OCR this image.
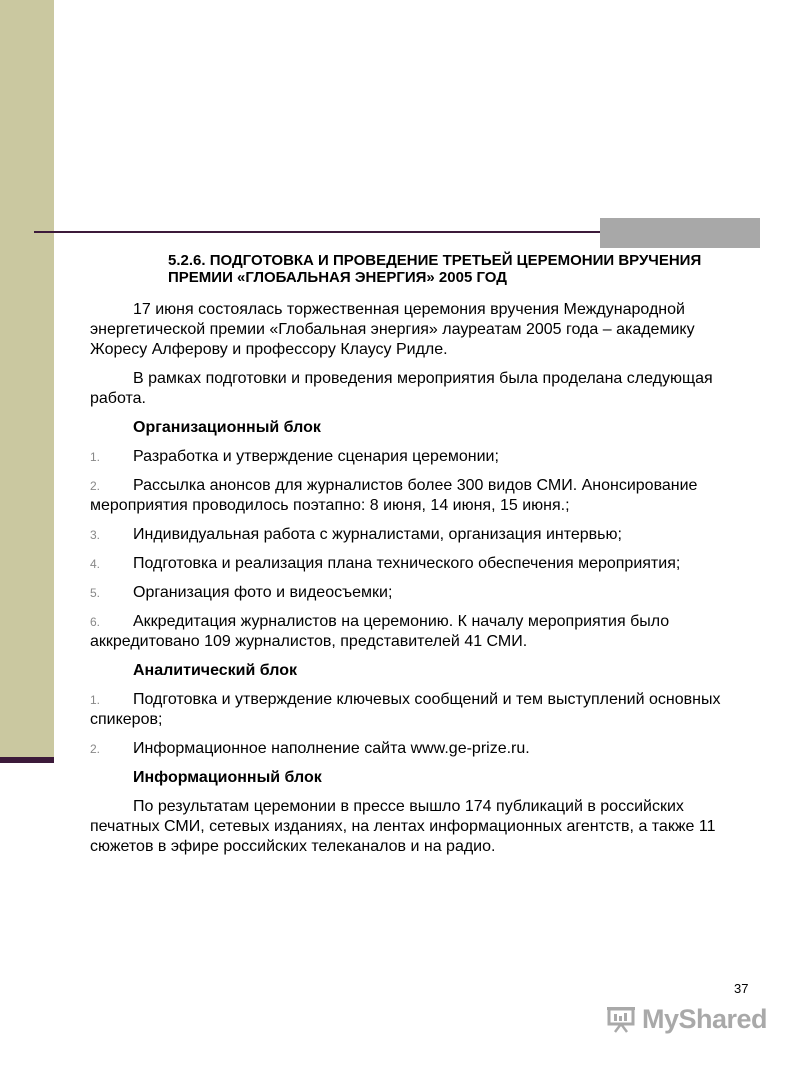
5.2.6. ПОДГОТОВКА И ПРОВЕДЕНИЕ ТРЕТЬЕЙ ЦЕРЕМОНИИ ВРУЧЕНИЯ ПРЕМИИ «ГЛОБАЛЬНАЯ ЭНЕРГИЯ» 2005 ГОД
17 июня состоялась торжественная церемония вручения Международной энергетической премии «Глобальная энергия» лауреатам 2005 года – академику Жоресу Алферову и профессору Клаусу Ридле.
В рамках подготовки и проведения мероприятия была проделана следующая работа.
Организационный блок
1. Разработка и утверждение сценария церемонии;
2. Рассылка анонсов для журналистов более 300 видов СМИ. Анонсирование мероприятия проводилось поэтапно: 8 июня, 14 июня, 15 июня.;
3. Индивидуальная работа с журналистами, организация интервью;
4. Подготовка и реализация плана технического обеспечения мероприятия;
5. Организация фото и видеосъемки;
6. Аккредитация журналистов на церемонию. К началу мероприятия было аккредитовано 109 журналистов, представителей 41 СМИ.
Аналитический блок
1. Подготовка и утверждение ключевых сообщений и тем выступлений основных спикеров;
2. Информационное наполнение сайта www.ge-prize.ru.
Информационный блок
По результатам церемонии в прессе вышло 174 публикаций в российских печатных СМИ, сетевых изданиях, на лентах информационных агентств, а также 11 сюжетов в эфире российских телеканалов и на радио.
37
MyShared
